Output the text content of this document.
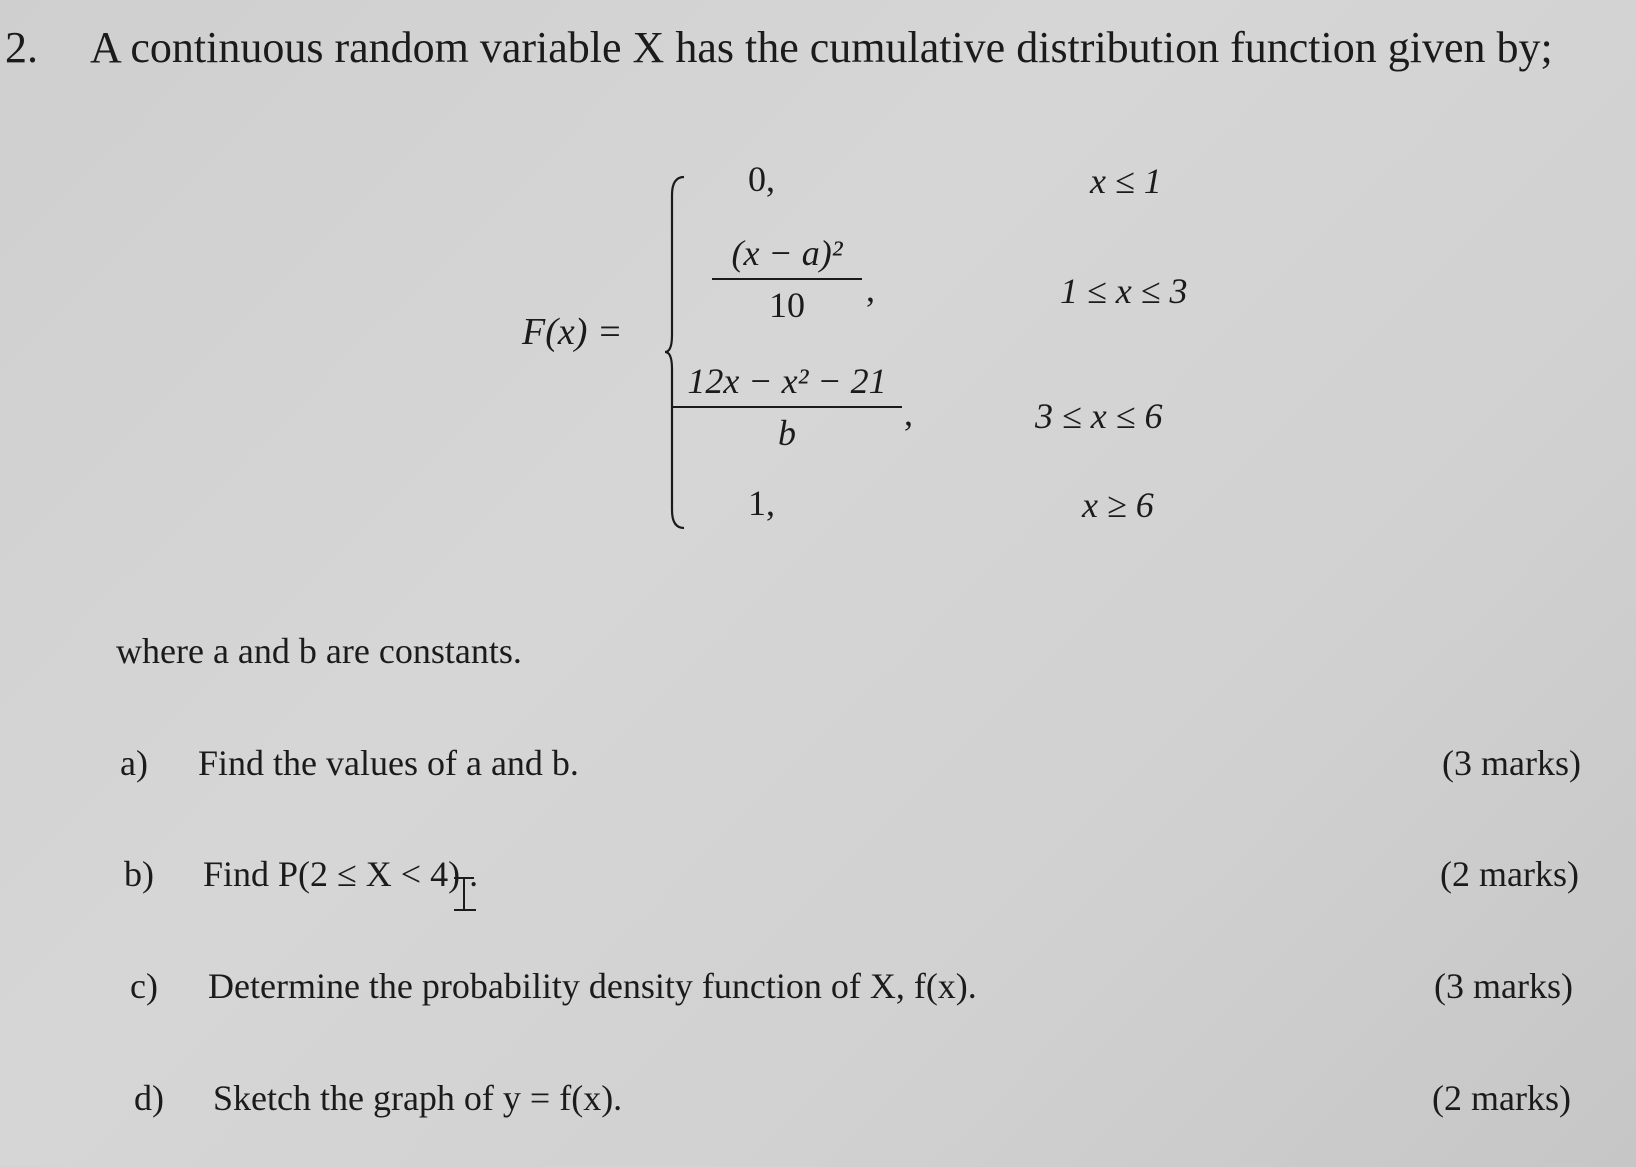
2. A continuous random variable X has the cumulative distribution function given by;
F(x) =
0,	x ≤ 1
(x − a)²
10	,	1 ≤ x ≤ 3
12x − x² − 21
b	,	3 ≤ x ≤ 6
1,	x ≥ 6
where a and b are constants.
a) Find the values of a and b.	(3 marks)
b) Find P(2 ≤ X < 4) .	(2 marks)
c) Determine the probability density function of X, f(x).	(3 marks)
d) Sketch the graph of y = f(x).	(2 marks)
